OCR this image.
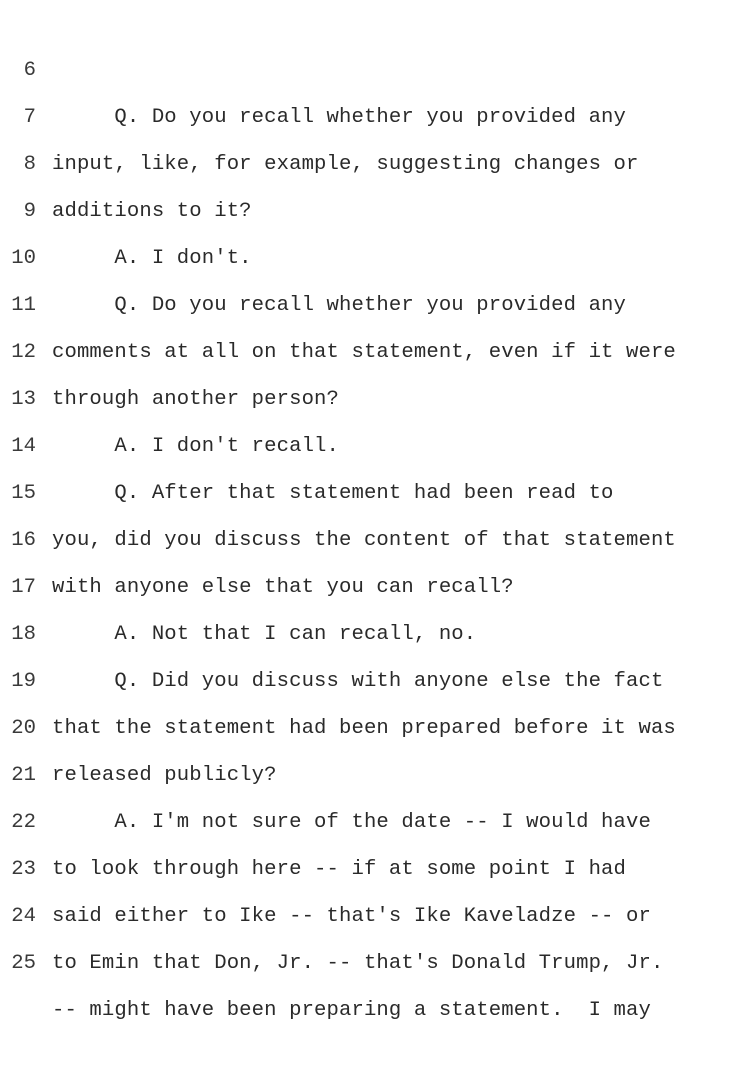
6

Q. Do you recall whether you provided any

7

input, like, for example, suggesting changes or

8

additions to it?

9

A. I don't.

10

Q. Do you recall whether you provided any

11

comments at all on that statement, even if it were

12

through another person?

13

A. I don't recall.

14

Q. After that statement had been read to

15

you, did you discuss the content of that statement

16

with anyone else that you can recall?

17

A. Not that I can recall, no.

18

Q. Did you discuss with anyone else the fact

19

that the statement had been prepared before it was

20

released publicly?

21

A. I'm not sure of the date -- I would have

22

to look through here -- if at some point I had

23

said either to Ike -- that's Ike Kaveladze -- or

24

to Emin that Don, Jr. -- that's Donald Trump, Jr.

25

-- might have been preparing a statement.  I may
